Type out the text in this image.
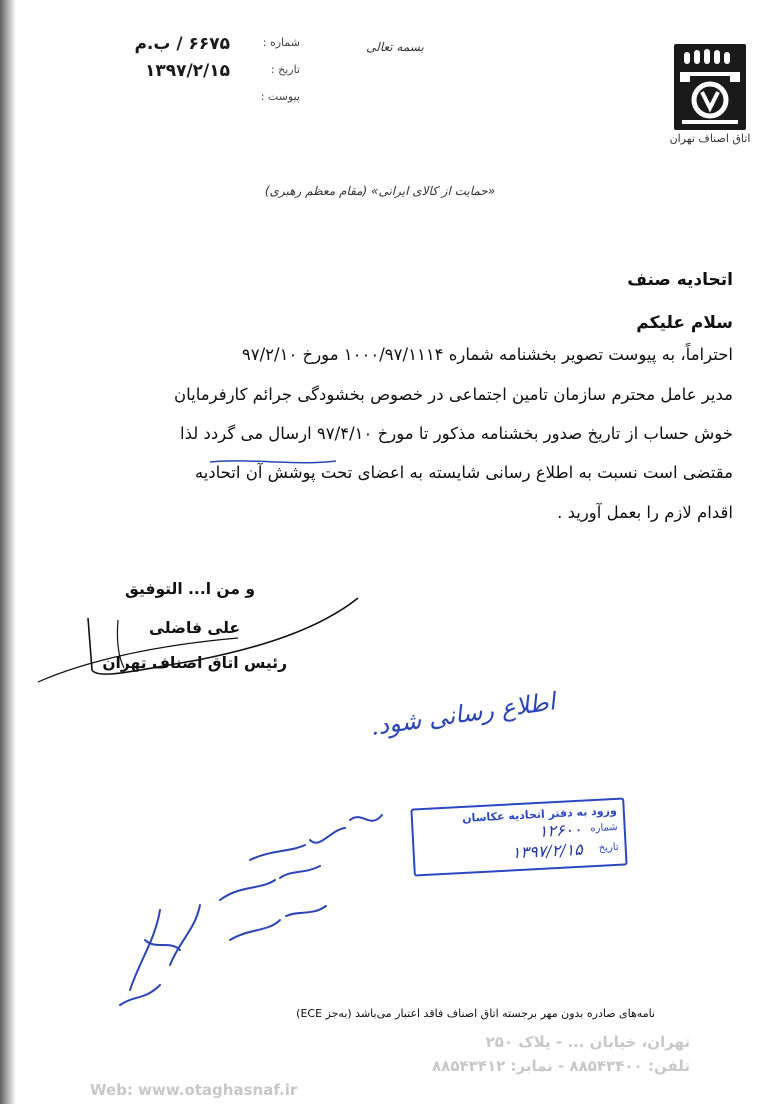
شماره :
۶۶۷۵ / ب.م
تاریخ :
۱۳۹۷/۲/۱۵
پیوست :
بسمه تعالی
اتاق اصناف تهران
«حمایت از کالای ایرانی» (مقام معظم رهبری)
اتحادیه صنف
سلام علیکم
احتراماً، به پیوست تصویر بخشنامه شماره ۱۰۰۰/۹۷/۱۱۱۴ مورخ ۹۷/۲/۱۰
مدیر عامل محترم سازمان تامین اجتماعی در خصوص بخشودگی جرائم کارفرمایان
خوش حساب از تاریخ صدور بخشنامه مذکور تا مورخ ۹۷/۴/۱۰ ارسال می گردد لذا
مقتضی است نسبت به اطلاع رسانی شایسته به اعضای تحت پوشش آن اتحادیه
اقدام لازم را بعمل آورید .
و من ا... التوفیق
علی فاضلی
رئیس اتاق اصناف تهران
اطلاع رسانی شود.
ورود به دفتر اتحادیه عکاسان
شماره
۱۲۶۰۰
تاریخ
۱۳۹۷/۲/۱۵
نامه‌های صادره بدون مهر برجسته اتاق اصناف فاقد اعتبار می‌باشد (به‌جز ECE)
تهران، خیابان ... - پلاک ۲۵۰
تلفن: ۸۸۵۴۳۴۰۰ - نمابر: ۸۸۵۴۳۴۱۲
Web: www.otaghasnaf.ir
